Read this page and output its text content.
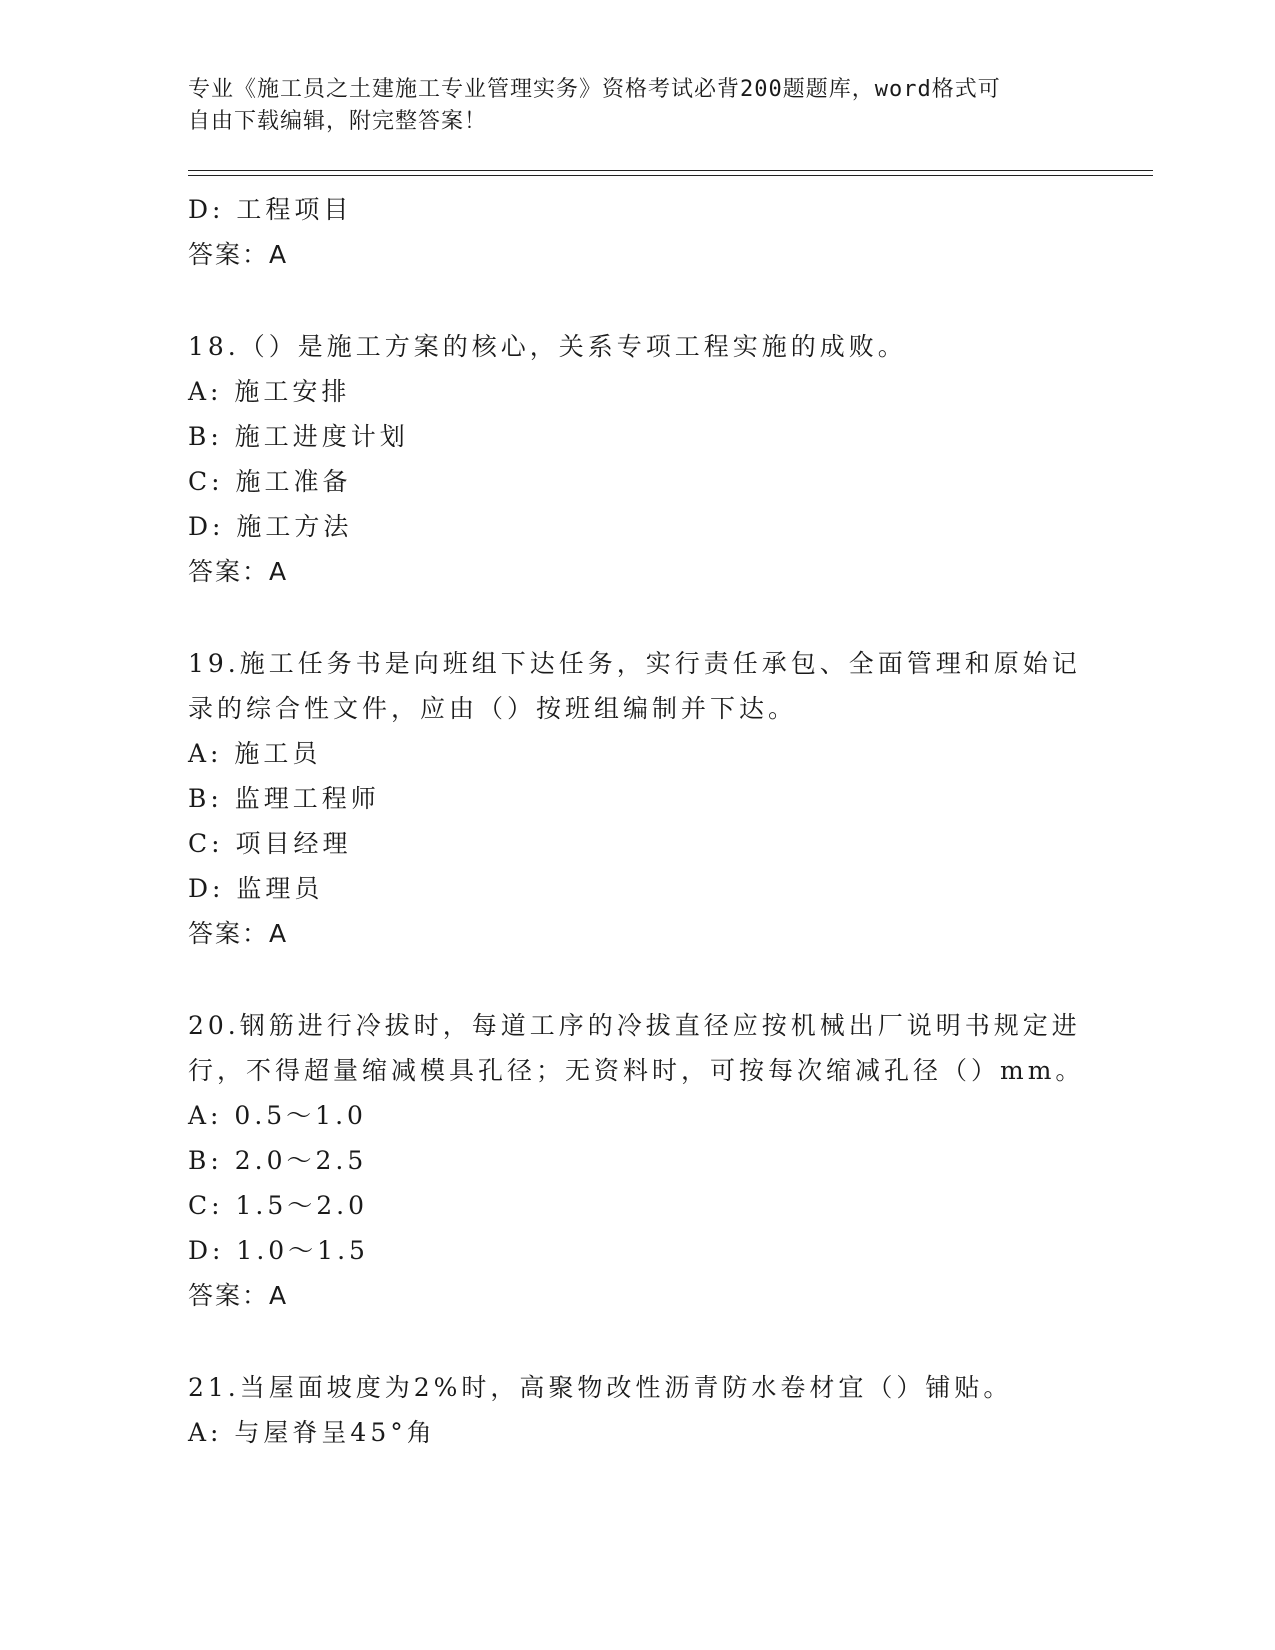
专业《施工员之土建施工专业管理实务》资格考试必背200题题库，word格式可
自由下载编辑，附完整答案！
D: 工程项目
答案：A
18.（）是施工方案的核心，关系专项工程实施的成败。
A: 施工安排
B: 施工进度计划
C: 施工准备
D: 施工方法
答案：A
19.施工任务书是向班组下达任务，实行责任承包、全面管理和原始记
录的综合性文件，应由（）按班组编制并下达。
A: 施工员
B: 监理工程师
C: 项目经理
D: 监理员
答案：A
20.钢筋进行冷拔时，每道工序的冷拔直径应按机械出厂说明书规定进
行，不得超量缩减模具孔径；无资料时，可按每次缩减孔径（）mm。
A: 0.5～1.0
B: 2.0～2.5
C: 1.5～2.0
D: 1.0～1.5
答案：A
21.当屋面坡度为2%时，高聚物改性沥青防水卷材宜（）铺贴。
A: 与屋脊呈45°角
